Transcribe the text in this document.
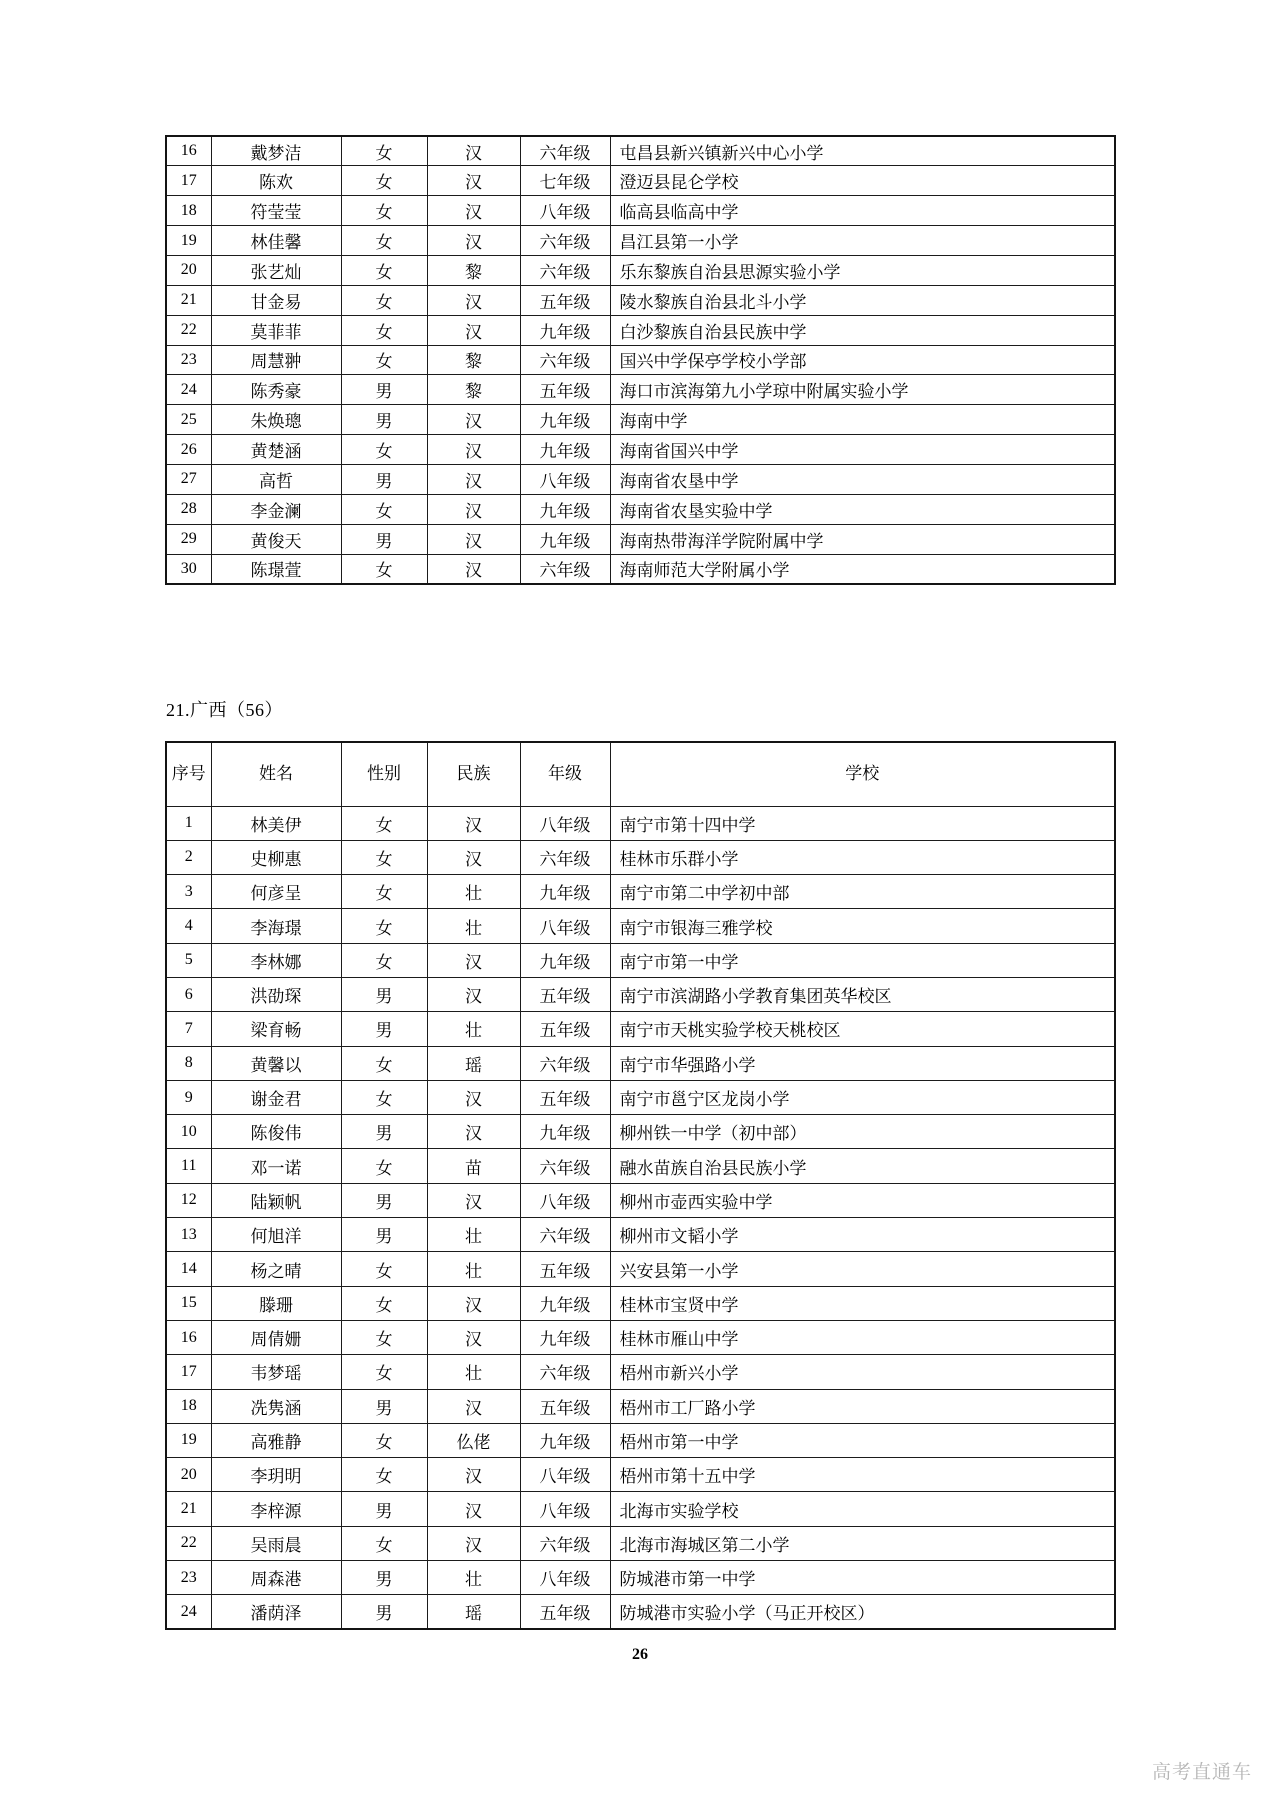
16	戴梦洁	女	汉	六年级	屯昌县新兴镇新兴中心小学
17	陈欢	女	汉	七年级	澄迈县昆仑学校
18	符莹莹	女	汉	八年级	临高县临高中学
19	林佳馨	女	汉	六年级	昌江县第一小学
20	张艺灿	女	黎	六年级	乐东黎族自治县思源实验小学
21	甘金易	女	汉	五年级	陵水黎族自治县北斗小学
22	莫菲菲	女	汉	九年级	白沙黎族自治县民族中学
23	周慧翀	女	黎	六年级	国兴中学保亭学校小学部
24	陈秀豪	男	黎	五年级	海口市滨海第九小学琼中附属实验小学
25	朱焕璁	男	汉	九年级	海南中学
26	黄楚涵	女	汉	九年级	海南省国兴中学
27	高哲	男	汉	八年级	海南省农垦中学
28	李金澜	女	汉	九年级	海南省农垦实验中学
29	黄俊天	男	汉	九年级	海南热带海洋学院附属中学
30	陈璟萱	女	汉	六年级	海南师范大学附属小学
21.广西（56）
序号	姓名	性别	民族	年级	学校
1	林美伊	女	汉	八年级	南宁市第十四中学
2	史柳惠	女	汉	六年级	桂林市乐群小学
3	何彦呈	女	壮	九年级	南宁市第二中学初中部
4	李海璟	女	壮	八年级	南宁市银海三雅学校
5	李林娜	女	汉	九年级	南宁市第一中学
6	洪劭琛	男	汉	五年级	南宁市滨湖路小学教育集团英华校区
7	梁育畅	男	壮	五年级	南宁市天桃实验学校天桃校区
8	黄馨以	女	瑶	六年级	南宁市华强路小学
9	谢金君	女	汉	五年级	南宁市邕宁区龙岗小学
10	陈俊伟	男	汉	九年级	柳州铁一中学（初中部）
11	邓一诺	女	苗	六年级	融水苗族自治县民族小学
12	陆颖帆	男	汉	八年级	柳州市壶西实验中学
13	何旭洋	男	壮	六年级	柳州市文韬小学
14	杨之晴	女	壮	五年级	兴安县第一小学
15	滕珊	女	汉	九年级	桂林市宝贤中学
16	周倩姗	女	汉	九年级	桂林市雁山中学
17	韦梦瑶	女	壮	六年级	梧州市新兴小学
18	冼隽涵	男	汉	五年级	梧州市工厂路小学
19	高雅静	女	仫佬	九年级	梧州市第一中学
20	李玥明	女	汉	八年级	梧州市第十五中学
21	李梓源	男	汉	八年级	北海市实验学校
22	吴雨晨	女	汉	六年级	北海市海城区第二小学
23	周森港	男	壮	八年级	防城港市第一中学
24	潘荫泽	男	瑶	五年级	防城港市实验小学（马正开校区）
26
高考直通车
